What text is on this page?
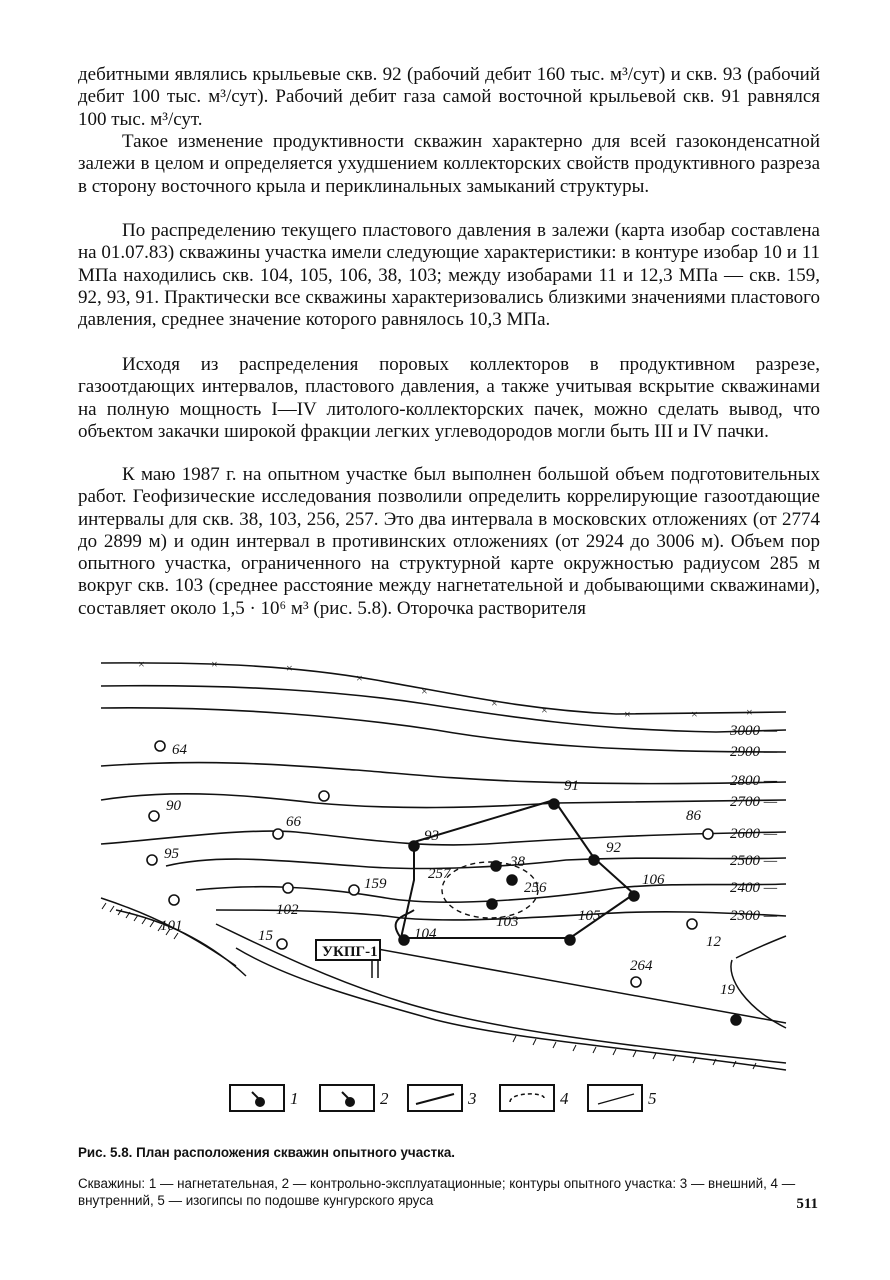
дебитными являлись крыльевые скв. 92 (рабочий дебит 160 тыс. м³/сут) и скв. 93 (рабочий дебит 100 тыс. м³/сут). Рабочий дебит газа самой восточной крыльевой скв. 91 равнялся 100 тыс. м³/сут.

Такое изменение продуктивности скважин характерно для всей газоконденсатной залежи в целом и определяется ухудшением коллекторских свойств продуктивного разреза в сторону восточного крыла и периклинальных замыканий структуры.

По распределению текущего пластового давления в залежи (карта изобар составлена на 01.07.83) скважины участка имели следующие характеристики: в контуре изобар 10 и 11 МПа находились скв. 104, 105, 106, 38, 103; между изобарами 11 и 12,3 МПа — скв. 159, 92, 93, 91. Практически все скважины характеризовались близкими значениями пластового давления, среднее значение которого равнялось 10,3 МПа.

Исходя из распределения поровых коллекторов в продуктивном разрезе, газоотдающих интервалов, пластового давления, а также учитывая вскрытие скважинами на полную мощность I—IV литолого-коллекторских пачек, можно сделать вывод, что объектом закачки широкой фракции легких углеводородов могли быть III и IV пачки.

К маю 1987 г. на опытном участке был выполнен большой объем подготовительных работ. Геофизические исследования позволили определить коррелирующие газоотдающие интервалы для скв. 38, 103, 256, 257. Это два интервала в московских отложениях (от 2774 до 2899 м) и один интервал в противинских отложениях (от 2924 до 3006 м). Объем пор опытного участка, ограниченного на структурной карте окружностью радиусом 285 м вокруг скв. 103 (среднее расстояние между нагнетательной и добывающими скважинами), составляет около 1,5 · 10⁶ м³ (рис. 5.8). Оторочка растворителя

×	×	×
×
×
×	×	×	×	×
3000 —
2900 —
2800 —
2700 —
2600 —
2500 —
2400 —
2300 —
64
90
66
95
93
91
86
92
257
38
256	106
159
102
101
15	104
103	105
12
264
19
УКПГ-1
1	2	3	4	5

Рис. 5.8. План расположения скважин опытного участка.

Скважины: 1 — нагнетательная, 2 — контрольно-эксплуатационные; контуры опытного участка: 3 — внешний, 4 — внутренний, 5 — изогипсы по подошве кунгурского яруса	511
